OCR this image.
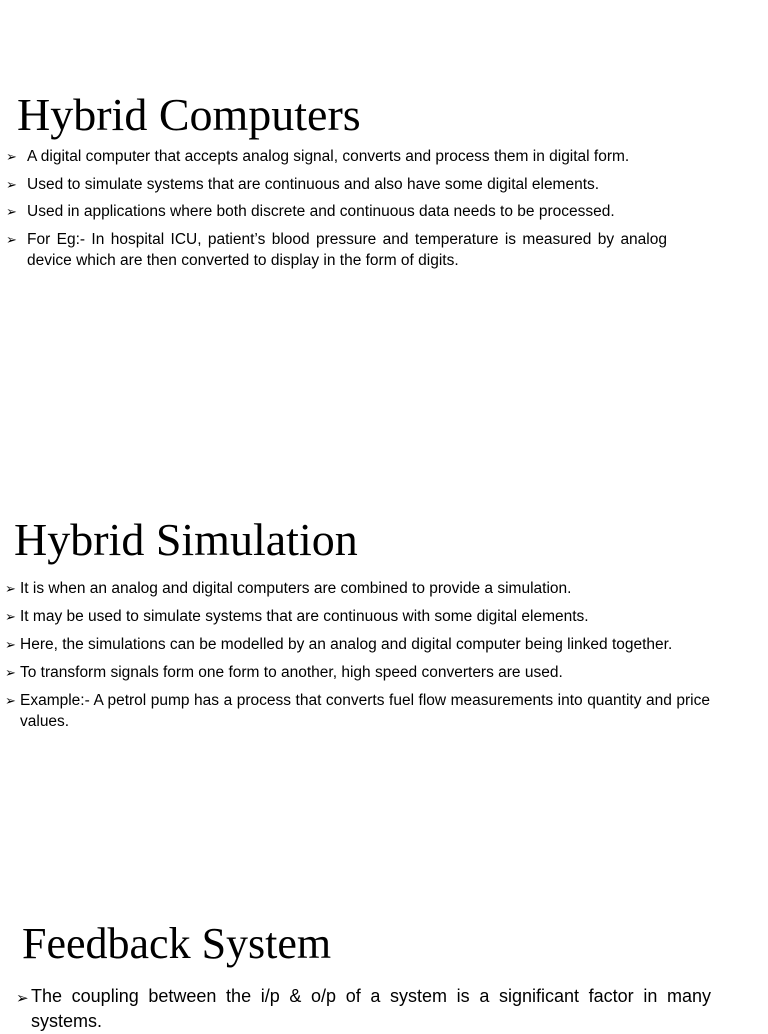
Hybrid Computers
➢ A digital computer that accepts analog signal, converts and process them in digital form.
➢ Used to simulate systems that are continuous and also have some digital elements.
➢ Used in applications where both discrete and continuous data needs to be processed.
➢ For Eg:- In hospital ICU, patient’s blood pressure and temperature is measured by analog device which are then converted to display in the form of digits.
Hybrid Simulation
➢ It is when an analog and digital computers are combined to provide a simulation.
➢ It may be used to simulate systems that are continuous with some digital elements.
➢ Here, the simulations can be modelled by an analog and digital computer being linked together.
➢ To transform signals form one form to another, high speed converters are used.
➢ Example:- A petrol pump has a process that converts fuel flow measurements into quantity and price values.
Feedback System
➢ The coupling between the i/p & o/p of a system is a significant factor in many systems.
